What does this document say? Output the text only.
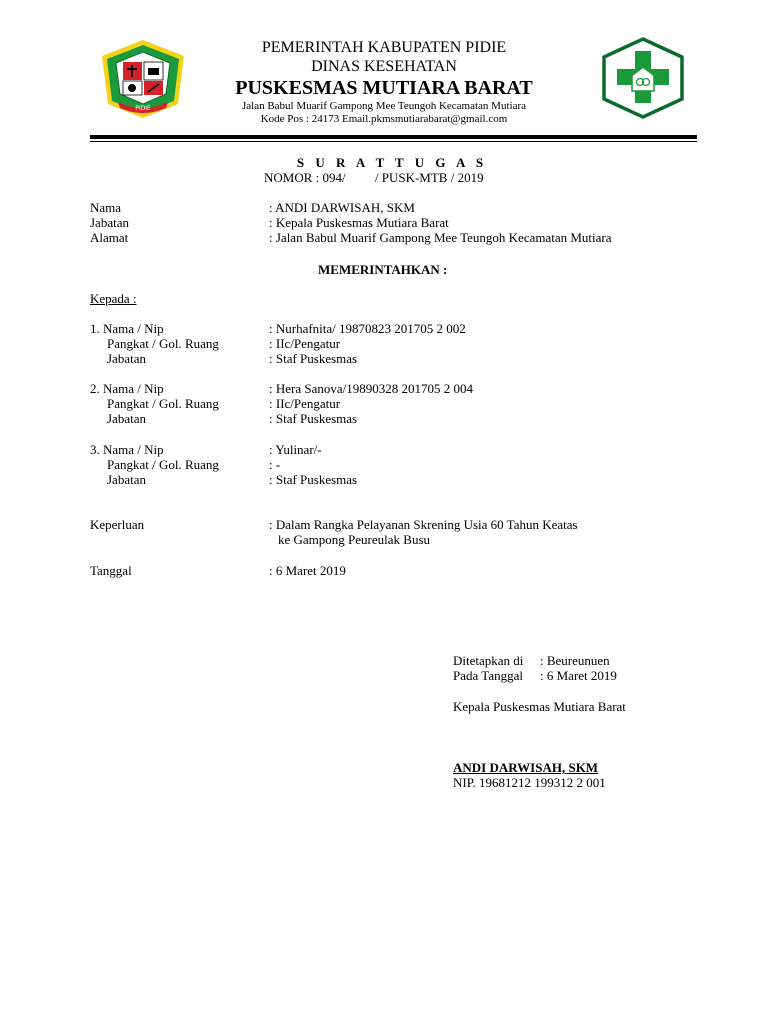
PIDIE
PEMERINTAH KABUPATEN PIDIE
DINAS KESEHATAN
PUSKESMAS MUTIARA BARAT
Jalan Babul Muarif Gampong Mee Teungoh Kecamatan Mutiara
Kode Pos : 24173 Email.pkmsmutiarabarat@gmail.com
S U R A T T U G A S
NOMOR : 094/         / PUSK-MTB / 2019
Nama	: ANDI DARWISAH, SKM
Jabatan	: Kepala Puskesmas Mutiara Barat
Alamat	: Jalan Babul Muarif Gampong Mee Teungoh Kecamatan Mutiara
MEMERINTAHKAN :
Kepada :
1. Nama / Nip	: Nurhafnita/ 19870823 201705 2 002
Pangkat / Gol. Ruang	: IIc/Pengatur
Jabatan	: Staf Puskesmas
2. Nama / Nip	: Hera Sanova/19890328 201705 2 004
Pangkat / Gol. Ruang	: IIc/Pengatur
Jabatan	: Staf Puskesmas
3. Nama / Nip	: Yulinar/-
Pangkat / Gol. Ruang	: -
Jabatan	: Staf Puskesmas
Keperluan	: Dalam Rangka Pelayanan Skrening Usia 60 Tahun Keatas
ke Gampong Peureulak Busu
Tanggal	: 6 Maret 2019
Ditetapkan di : Beureunuen
Pada Tanggal : 6 Maret 2019
Kepala Puskesmas Mutiara Barat
ANDI DARWISAH, SKM
NIP. 19681212 199312 2 001
